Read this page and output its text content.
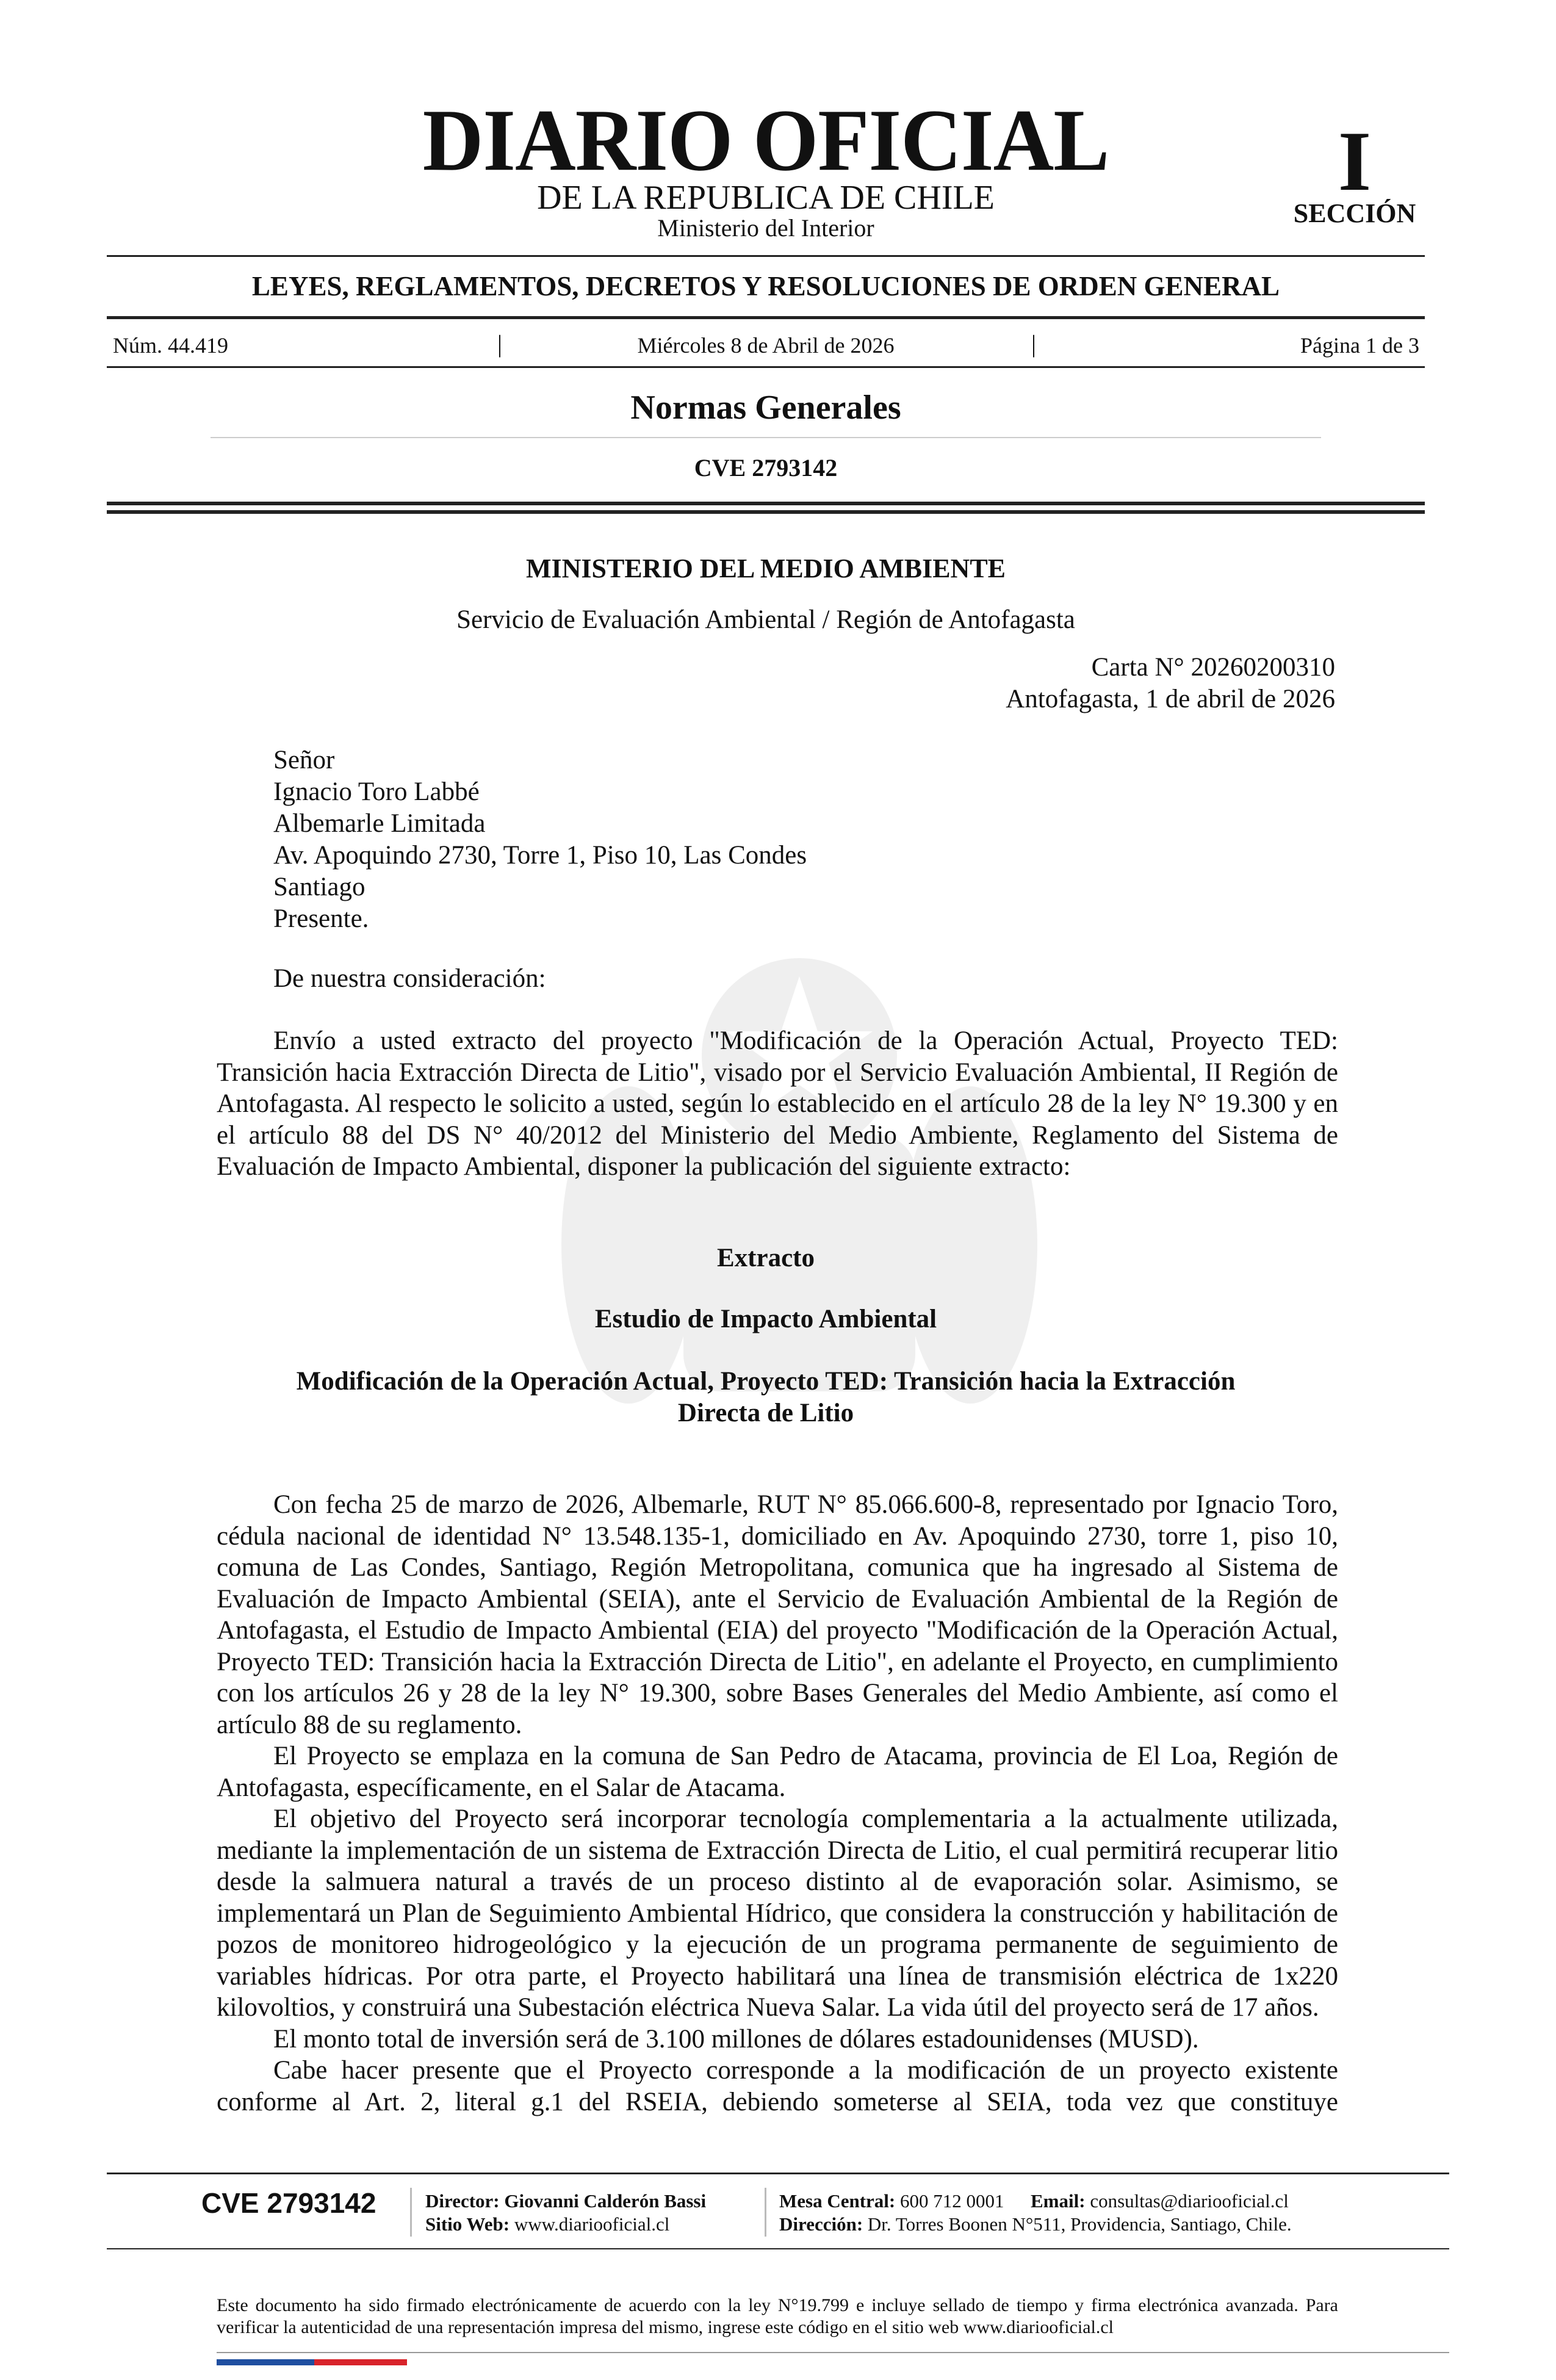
DIARIO OFICIAL
DE LA REPUBLICA DE CHILE
Ministerio del Interior
I
SECCIÓN
LEYES, REGLAMENTOS, DECRETOS Y RESOLUCIONES DE ORDEN GENERAL
Núm. 44.419	|	Miércoles 8 de Abril de 2026	|	Página 1 de 3
Normas Generales
CVE 2793142
MINISTERIO DEL MEDIO AMBIENTE
Servicio de Evaluación Ambiental / Región de Antofagasta
Carta N° 20260200310
Antofagasta, 1 de abril de 2026
Señor
Ignacio Toro Labbé
Albemarle Limitada
Av. Apoquindo 2730, Torre 1, Piso 10, Las Condes
Santiago
Presente.
De nuestra consideración:
Envío a usted extracto del proyecto "Modificación de la Operación Actual, Proyecto TED: Transición hacia Extracción Directa de Litio", visado por el Servicio Evaluación Ambiental, II Región de Antofagasta. Al respecto le solicito a usted, según lo establecido en el artículo 28 de la ley N° 19.300 y en el artículo 88 del DS N° 40/2012 del Ministerio del Medio Ambiente, Reglamento del Sistema de Evaluación de Impacto Ambiental, disponer la publicación del siguiente extracto:
Extracto
Estudio de Impacto Ambiental
Modificación de la Operación Actual, Proyecto TED: Transición hacia la Extracción Directa de Litio

Con fecha 25 de marzo de 2026, Albemarle, RUT N° 85.066.600-8, representado por Ignacio Toro, cédula nacional de identidad N° 13.548.135-1, domiciliado en Av. Apoquindo 2730, torre 1, piso 10, comuna de Las Condes, Santiago, Región Metropolitana, comunica que ha ingresado al Sistema de Evaluación de Impacto Ambiental (SEIA), ante el Servicio de Evaluación Ambiental de la Región de Antofagasta, el Estudio de Impacto Ambiental (EIA) del proyecto "Modificación de la Operación Actual, Proyecto TED: Transición hacia la Extracción Directa de Litio", en adelante el Proyecto, en cumplimiento con los artículos 26 y 28 de la ley N° 19.300, sobre Bases Generales del Medio Ambiente, así como el artículo 88 de su reglamento.

El Proyecto se emplaza en la comuna de San Pedro de Atacama, provincia de El Loa, Región de Antofagasta, específicamente, en el Salar de Atacama.

El objetivo del Proyecto será incorporar tecnología complementaria a la actualmente utilizada, mediante la implementación de un sistema de Extracción Directa de Litio, el cual permitirá recuperar litio desde la salmuera natural a través de un proceso distinto al de evaporación solar. Asimismo, se implementará un Plan de Seguimiento Ambiental Hídrico, que considera la construcción y habilitación de pozos de monitoreo hidrogeológico y la ejecución de un programa permanente de seguimiento de variables hídricas. Por otra parte, el Proyecto habilitará una línea de transmisión eléctrica de 1x220 kilovoltios, y construirá una Subestación eléctrica Nueva Salar. La vida útil del proyecto será de 17 años.

El monto total de inversión será de 3.100 millones de dólares estadounidenses (MUSD).

Cabe hacer presente que el Proyecto corresponde a la modificación de un proyecto existente conforme al Art. 2, literal g.1 del RSEIA, debiendo someterse al SEIA, toda vez que constituye

CVE 2793142	Director: Giovanni Calderón Bassi
Sitio Web: www.diariooficial.cl
Mesa Central: 600 712 0001 Email: consultas@diariooficial.cl
Dirección: Dr. Torres Boonen N°511, Providencia, Santiago, Chile.
Este documento ha sido firmado electrónicamente de acuerdo con la ley N°19.799 e incluye sellado de tiempo y firma electrónica avanzada. Para verificar la autenticidad de una representación impresa del mismo, ingrese este código en el sitio web www.diariooficial.cl
